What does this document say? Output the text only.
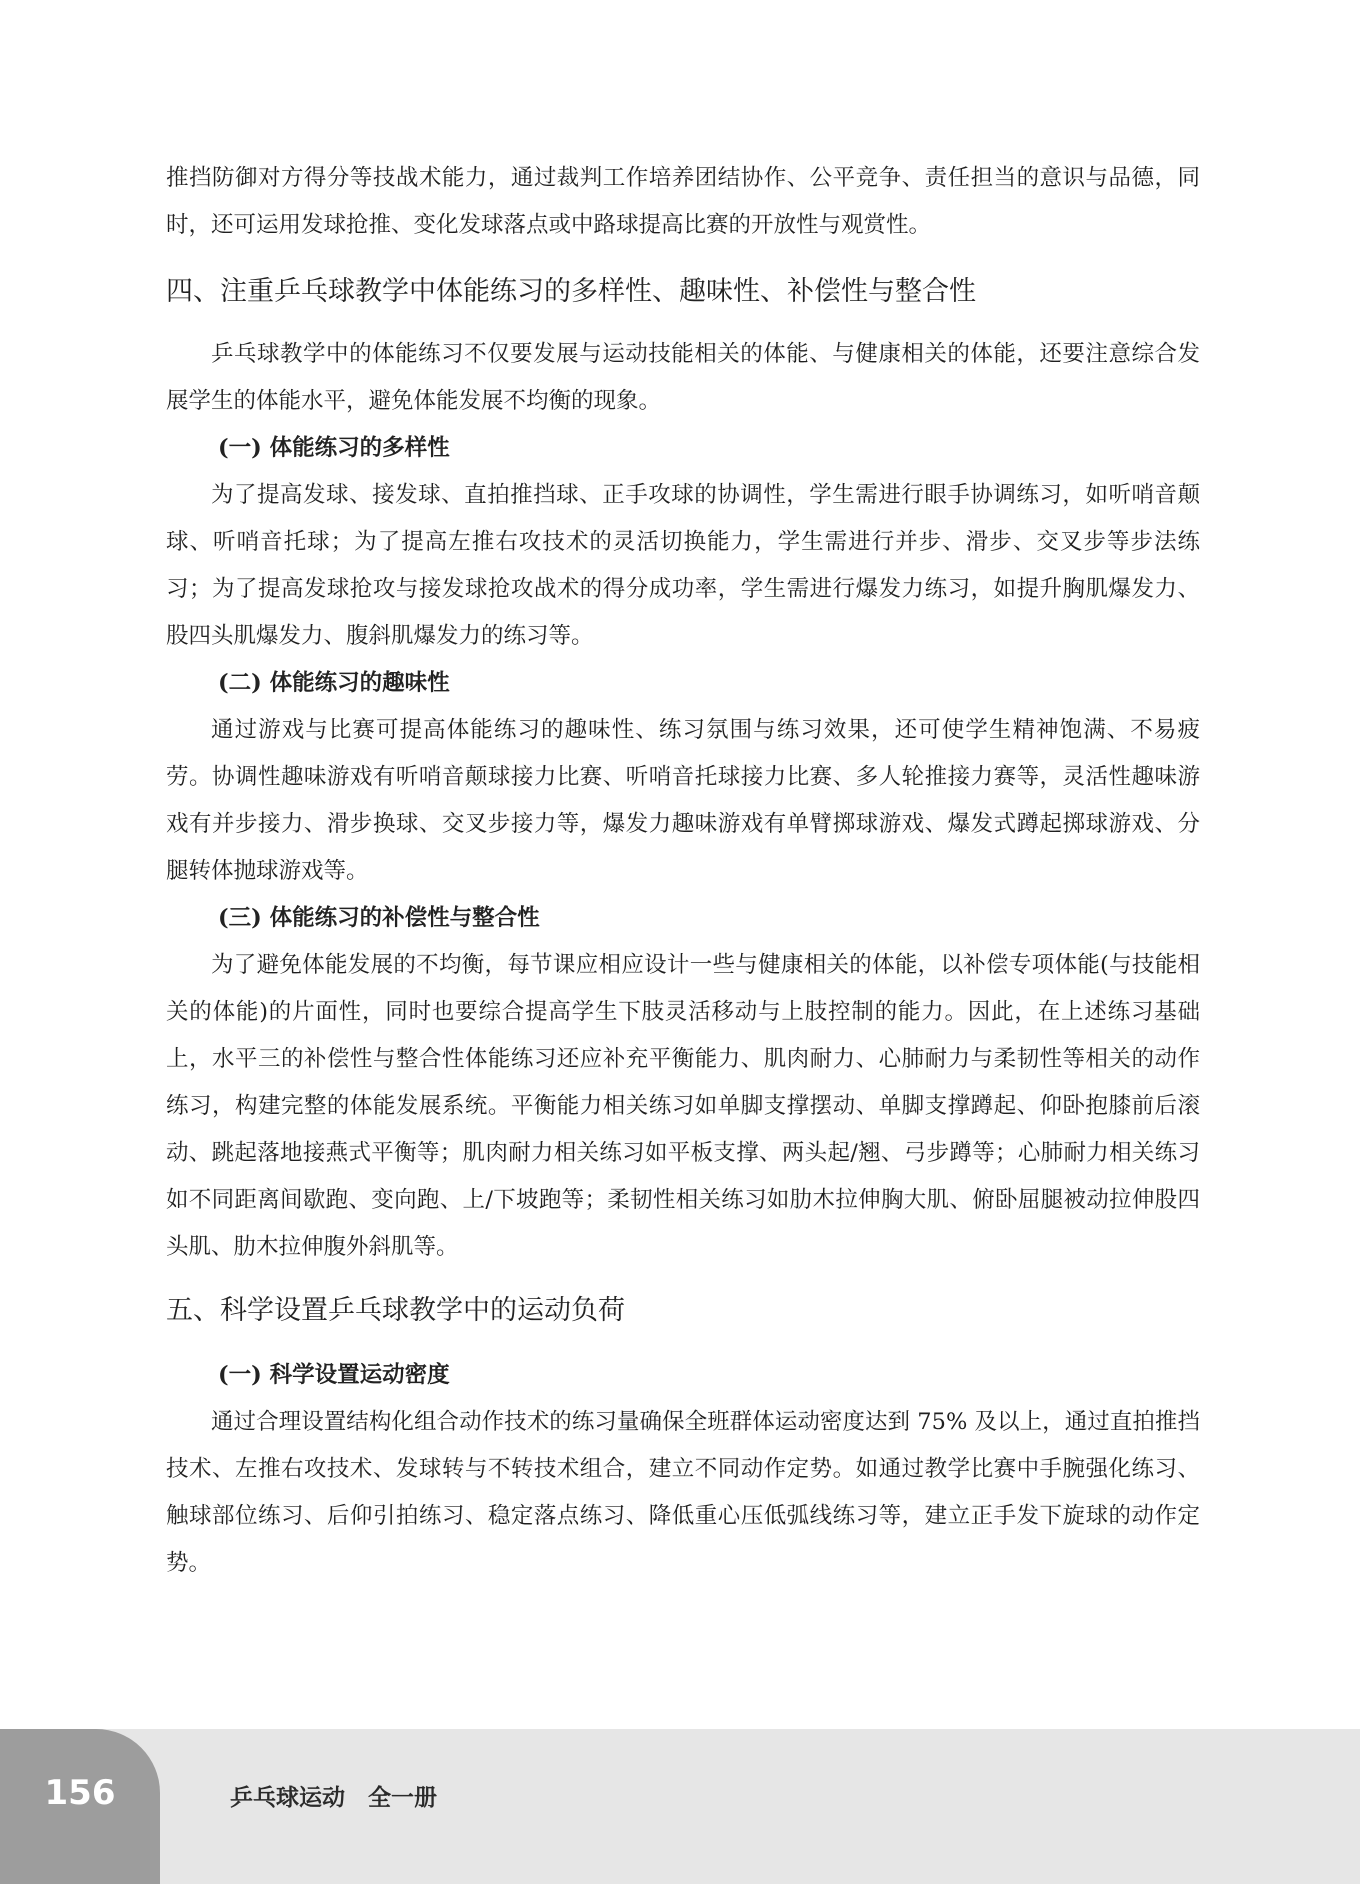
推挡防御对方得分等技战术能力，通过裁判工作培养团结协作、公平竞争、责任担当的意识与品德，同时，还可运用发球抢推、变化发球落点或中路球提高比赛的开放性与观赏性。

四、注重乒乓球教学中体能练习的多样性、趣味性、补偿性与整合性

乒乓球教学中的体能练习不仅要发展与运动技能相关的体能、与健康相关的体能，还要注意综合发展学生的体能水平，避免体能发展不均衡的现象。

(一) 体能练习的多样性

为了提高发球、接发球、直拍推挡球、正手攻球的协调性，学生需进行眼手协调练习，如听哨音颠球、听哨音托球；为了提高左推右攻技术的灵活切换能力，学生需进行并步、滑步、交叉步等步法练习；为了提高发球抢攻与接发球抢攻战术的得分成功率，学生需进行爆发力练习，如提升胸肌爆发力、股四头肌爆发力、腹斜肌爆发力的练习等。

(二) 体能练习的趣味性

通过游戏与比赛可提高体能练习的趣味性、练习氛围与练习效果，还可使学生精神饱满、不易疲劳。协调性趣味游戏有听哨音颠球接力比赛、听哨音托球接力比赛、多人轮推接力赛等，灵活性趣味游戏有并步接力、滑步换球、交叉步接力等，爆发力趣味游戏有单臂掷球游戏、爆发式蹲起掷球游戏、分腿转体抛球游戏等。

(三) 体能练习的补偿性与整合性

为了避免体能发展的不均衡，每节课应相应设计一些与健康相关的体能，以补偿专项体能(与技能相关的体能)的片面性，同时也要综合提高学生下肢灵活移动与上肢控制的能力。因此，在上述练习基础上，水平三的补偿性与整合性体能练习还应补充平衡能力、肌肉耐力、心肺耐力与柔韧性等相关的动作练习，构建完整的体能发展系统。平衡能力相关练习如单脚支撑摆动、单脚支撑蹲起、仰卧抱膝前后滚动、跳起落地接燕式平衡等；肌肉耐力相关练习如平板支撑、两头起/翘、弓步蹲等；心肺耐力相关练习如不同距离间歇跑、变向跑、上/下坡跑等；柔韧性相关练习如肋木拉伸胸大肌、俯卧屈腿被动拉伸股四头肌、肋木拉伸腹外斜肌等。

五、科学设置乒乓球教学中的运动负荷
(一) 科学设置运动密度

通过合理设置结构化组合动作技术的练习量确保全班群体运动密度达到 75% 及以上，通过直拍推挡技术、左推右攻技术、发球转与不转技术组合，建立不同动作定势。如通过教学比赛中手腕强化练习、触球部位练习、后仰引拍练习、稳定落点练习、降低重心压低弧线练习等，建立正手发下旋球的动作定势。

156	乒乓球运动　全一册
